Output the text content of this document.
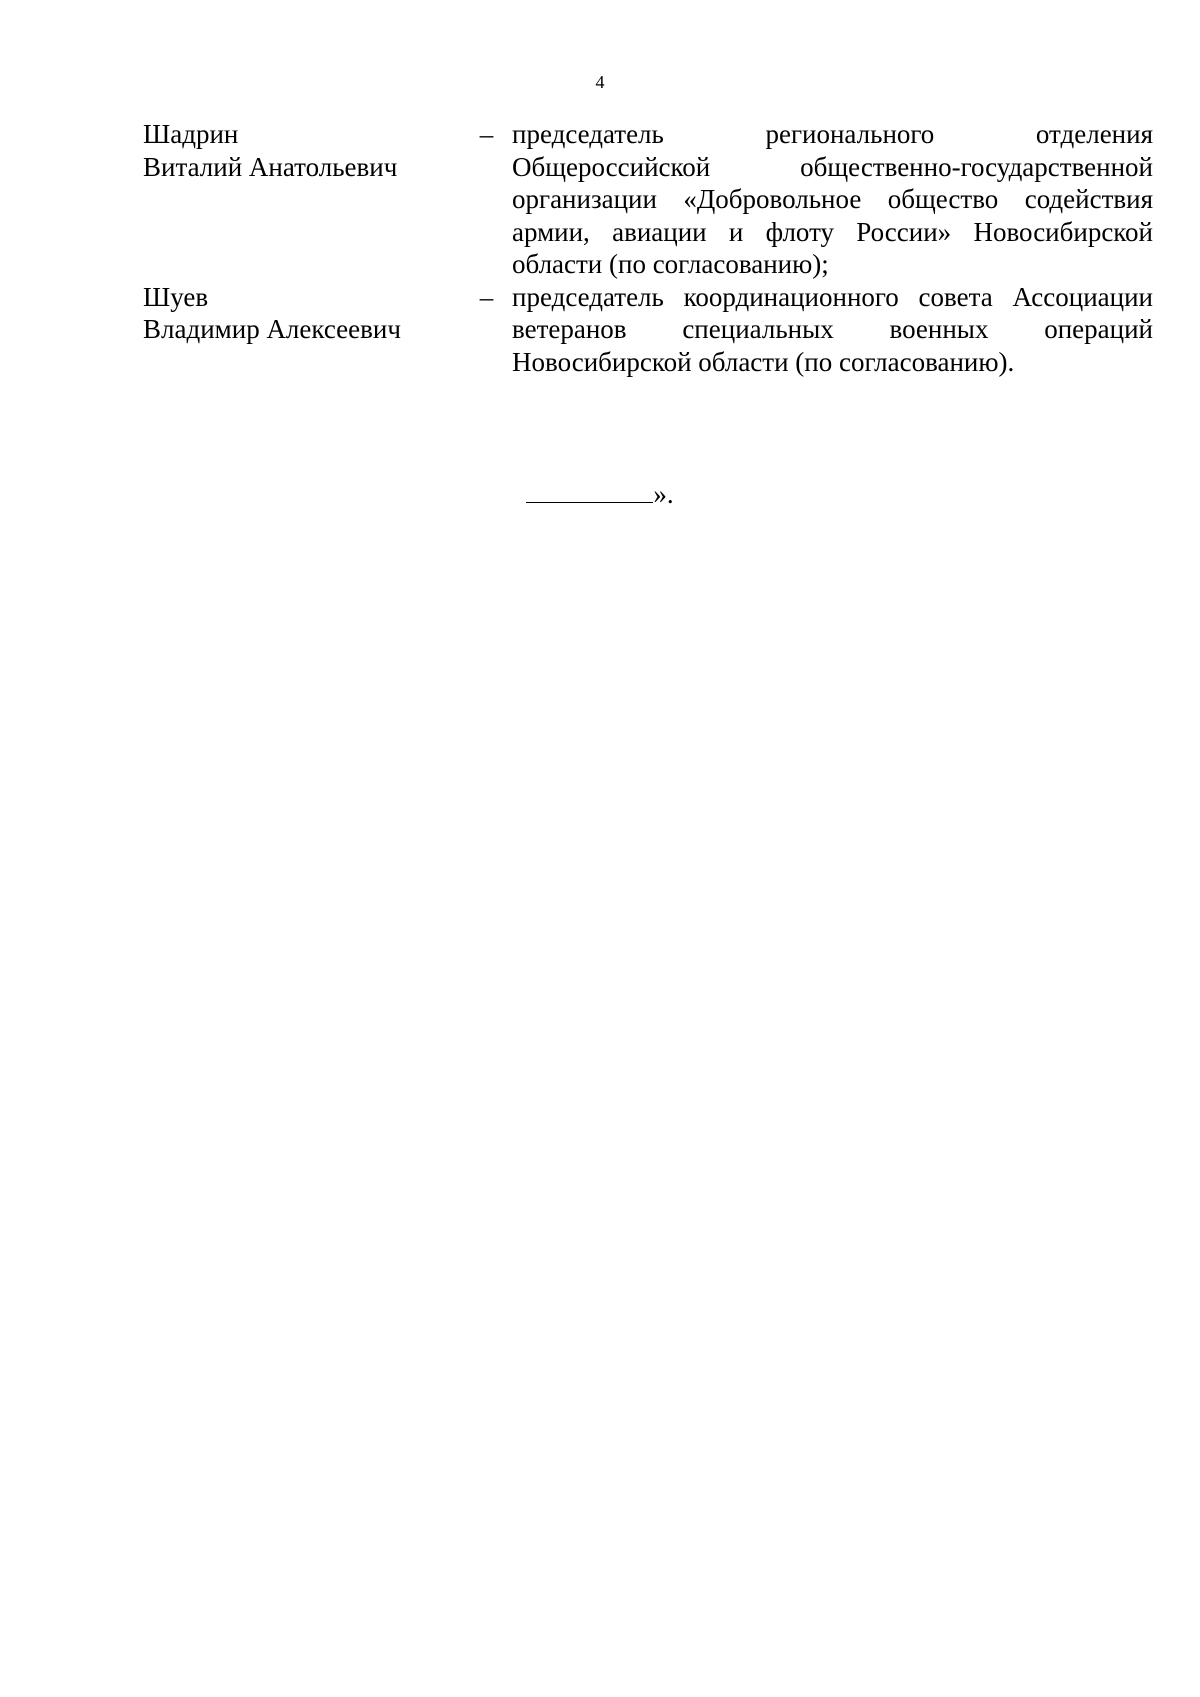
4
Шадрин
Виталий Анатольевич
– председатель регионального отделения Общероссийской общественно-государственной организации «Добровольное общество содействия армии, авиации и флоту России» Новосибирской области (по согласованию);
Шуев
Владимир Алексеевич
– председатель координационного совета Ассоциации ветеранов специальных военных операций Новосибирской области (по согласованию).
».
